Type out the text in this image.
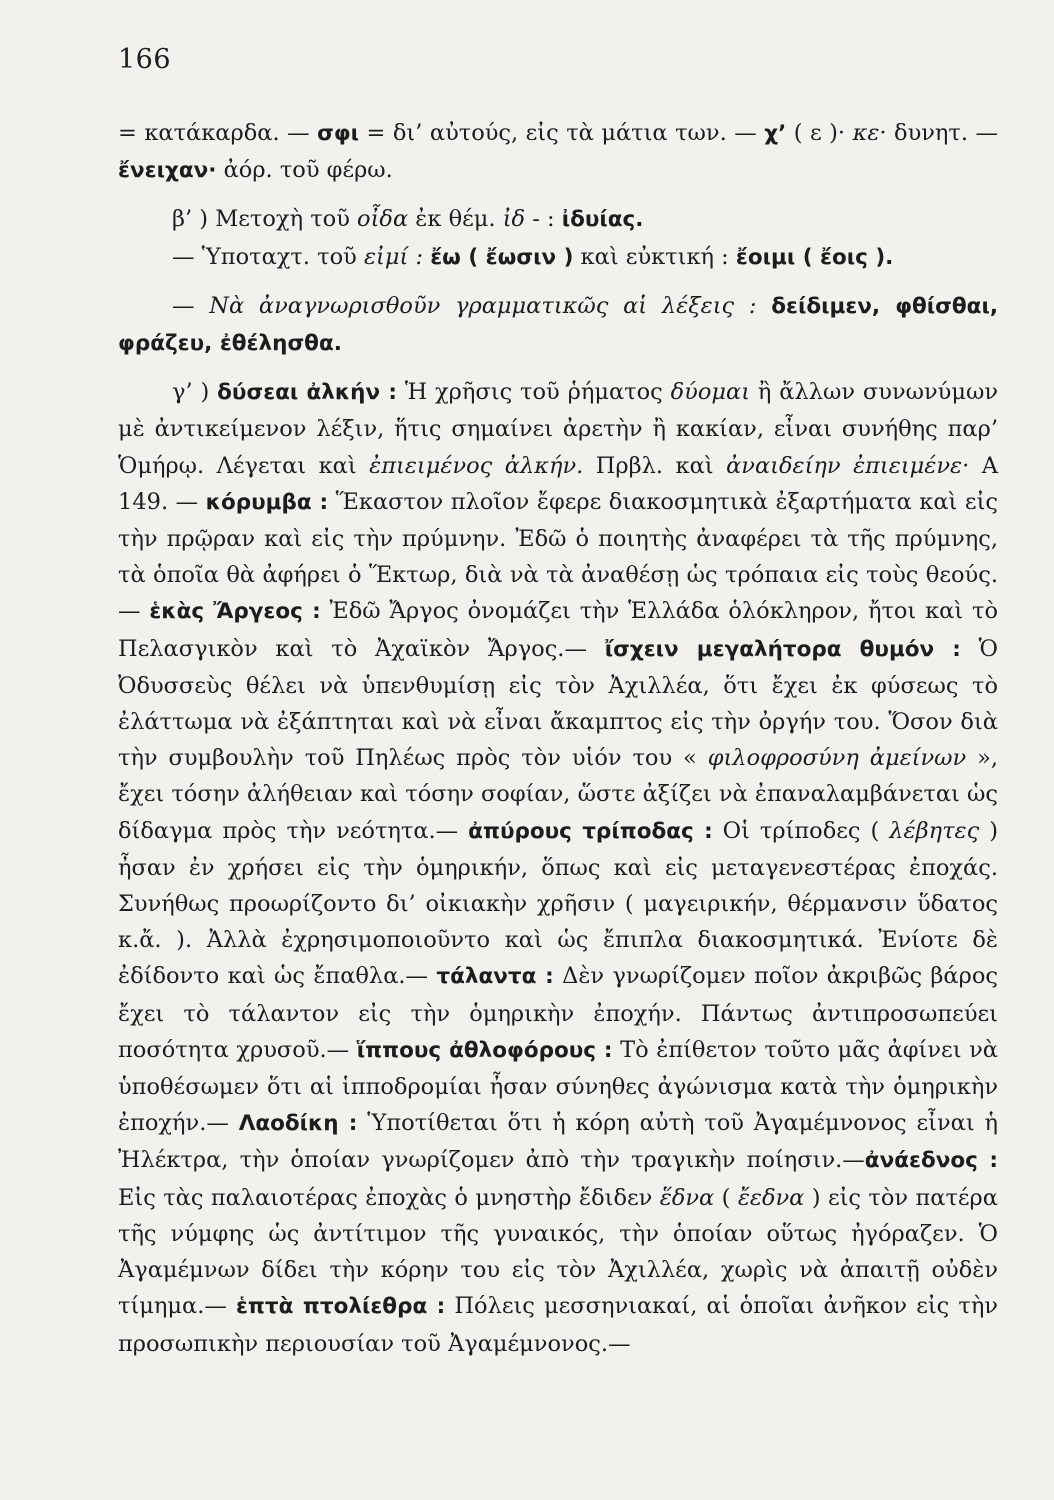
166

= κατάκαρδα. — σφι = δι’ αὐτούς, εἰς τὰ μάτια των. — χ’ ( ε )· κε· δυνητ. — ἔνειχαν· ἀόρ. τοῦ φέρω.

β’ ) Μετοχὴ τοῦ οἶδα ἐκ θέμ. ἰδ - : ἰδυίας.

— Ὑποταχτ. τοῦ εἰμί : ἔω ( ἔωσιν ) καὶ εὐκτική : ἔοιμι ( ἔοις ).

— Νὰ ἀναγνωρισθοῦν γραμματικῶς αἱ λέξεις : δείδιμεν, φθίσθαι, φράζευ, ἐθέλησθα.

γ’ ) δύσεαι ἀλκήν : Ἡ χρῆσις τοῦ ῥήματος δύομαι ἢ ἄλλων συνωνύμων μὲ ἀντικείμενον λέξιν, ἥτις σημαίνει ἀρετὴν ἢ κακίαν, εἶναι συνήθης παρ’ Ὁμήρῳ. Λέγεται καὶ ἐπιειμένος ἀλκήν. Πρβλ. καὶ ἀναιδείην ἐπιειμένε· Α 149. — κόρυμβα : Ἕκαστον πλοῖον ἔφερε διακοσμητικὰ ἐξαρτήματα καὶ εἰς τὴν πρῷραν καὶ εἰς τὴν πρύμνην. Ἐδῶ ὁ ποιητὴς ἀναφέρει τὰ τῆς πρύμνης, τὰ ὁποῖα θὰ ἀφήρει ὁ Ἕκτωρ, διὰ νὰ τὰ ἀναθέσῃ ὡς τρόπαια εἰς τοὺς θεούς.— ἑκὰς Ἄργεος : Ἐδῶ Ἄργος ὀνομάζει τὴν Ἑλλάδα ὁλόκληρον, ἤτοι καὶ τὸ Πελασγικὸν καὶ τὸ Ἀχαϊκὸν Ἄργος.— ἴσχειν μεγαλήτορα θυμόν : Ὁ Ὀδυσσεὺς θέλει νὰ ὑπενθυμίσῃ εἰς τὸν Ἀχιλλέα, ὅτι ἔχει ἐκ φύσεως τὸ ἐλάττωμα νὰ ἐξάπτηται καὶ νὰ εἶναι ἄκαμπτος εἰς τὴν ὀργήν του. Ὅσον διὰ τὴν συμβουλὴν τοῦ Πηλέως πρὸς τὸν υἱόν του « φιλοφροσύνη ἀμείνων », ἔχει τόσην ἀλήθειαν καὶ τόσην σοφίαν, ὥστε ἀξίζει νὰ ἐπαναλαμβάνεται ὡς δίδαγμα πρὸς τὴν νεότητα.— ἀπύρους τρίποδας : Οἱ τρίποδες ( λέβητες ) ἦσαν ἐν χρήσει εἰς τὴν ὁμηρικήν, ὅπως καὶ εἰς μεταγενεστέρας ἐποχάς. Συνήθως προωρίζοντο δι’ οἰκιακὴν χρῆσιν ( μαγειρικήν, θέρμανσιν ὕδατος κ.ἄ. ). Ἀλλὰ ἐχρησιμοποιοῦντο καὶ ὡς ἔπιπλα διακοσμητικά. Ἐνίοτε δὲ ἐδίδοντο καὶ ὡς ἔπαθλα.— τάλαντα : Δὲν γνωρίζομεν ποῖον ἀκριβῶς βάρος ἔχει τὸ τάλαντον εἰς τὴν ὁμηρικὴν ἐποχήν. Πάντως ἀντιπροσωπεύει ποσότητα χρυσοῦ.— ἵππους ἀθλοφόρους : Τὸ ἐπίθετον τοῦτο μᾶς ἀφίνει νὰ ὑποθέσωμεν ὅτι αἱ ἱπποδρομίαι ἦσαν σύνηθες ἀγώνισμα κατὰ τὴν ὁμηρικὴν ἐποχήν.— Λαοδίκη : Ὑποτίθεται ὅτι ἡ κόρη αὐτὴ τοῦ Ἀγαμέμνονος εἶναι ἡ Ἠλέκτρα, τὴν ὁποίαν γνωρίζομεν ἀπὸ τὴν τραγικὴν ποίησιν.—ἀνάεδνος : Εἰς τὰς παλαιοτέρας ἐποχὰς ὁ μνηστὴρ ἔδιδεν ἕδνα ( ἔεδνα ) εἰς τὸν πατέρα τῆς νύμφης ὡς ἀντίτιμον τῆς γυναικός, τὴν ὁποίαν οὕτως ἠγόραζεν. Ὁ Ἀγαμέμνων δίδει τὴν κόρην του εἰς τὸν Ἀχιλλέα, χωρὶς νὰ ἀπαιτῇ οὐδὲν τίμημα.— ἑπτὰ πτολίεθρα : Πόλεις μεσσηνιακαί, αἱ ὁποῖαι ἀνῆκον εἰς τὴν προσωπικὴν περιουσίαν τοῦ Ἀγαμέμνονος.—
